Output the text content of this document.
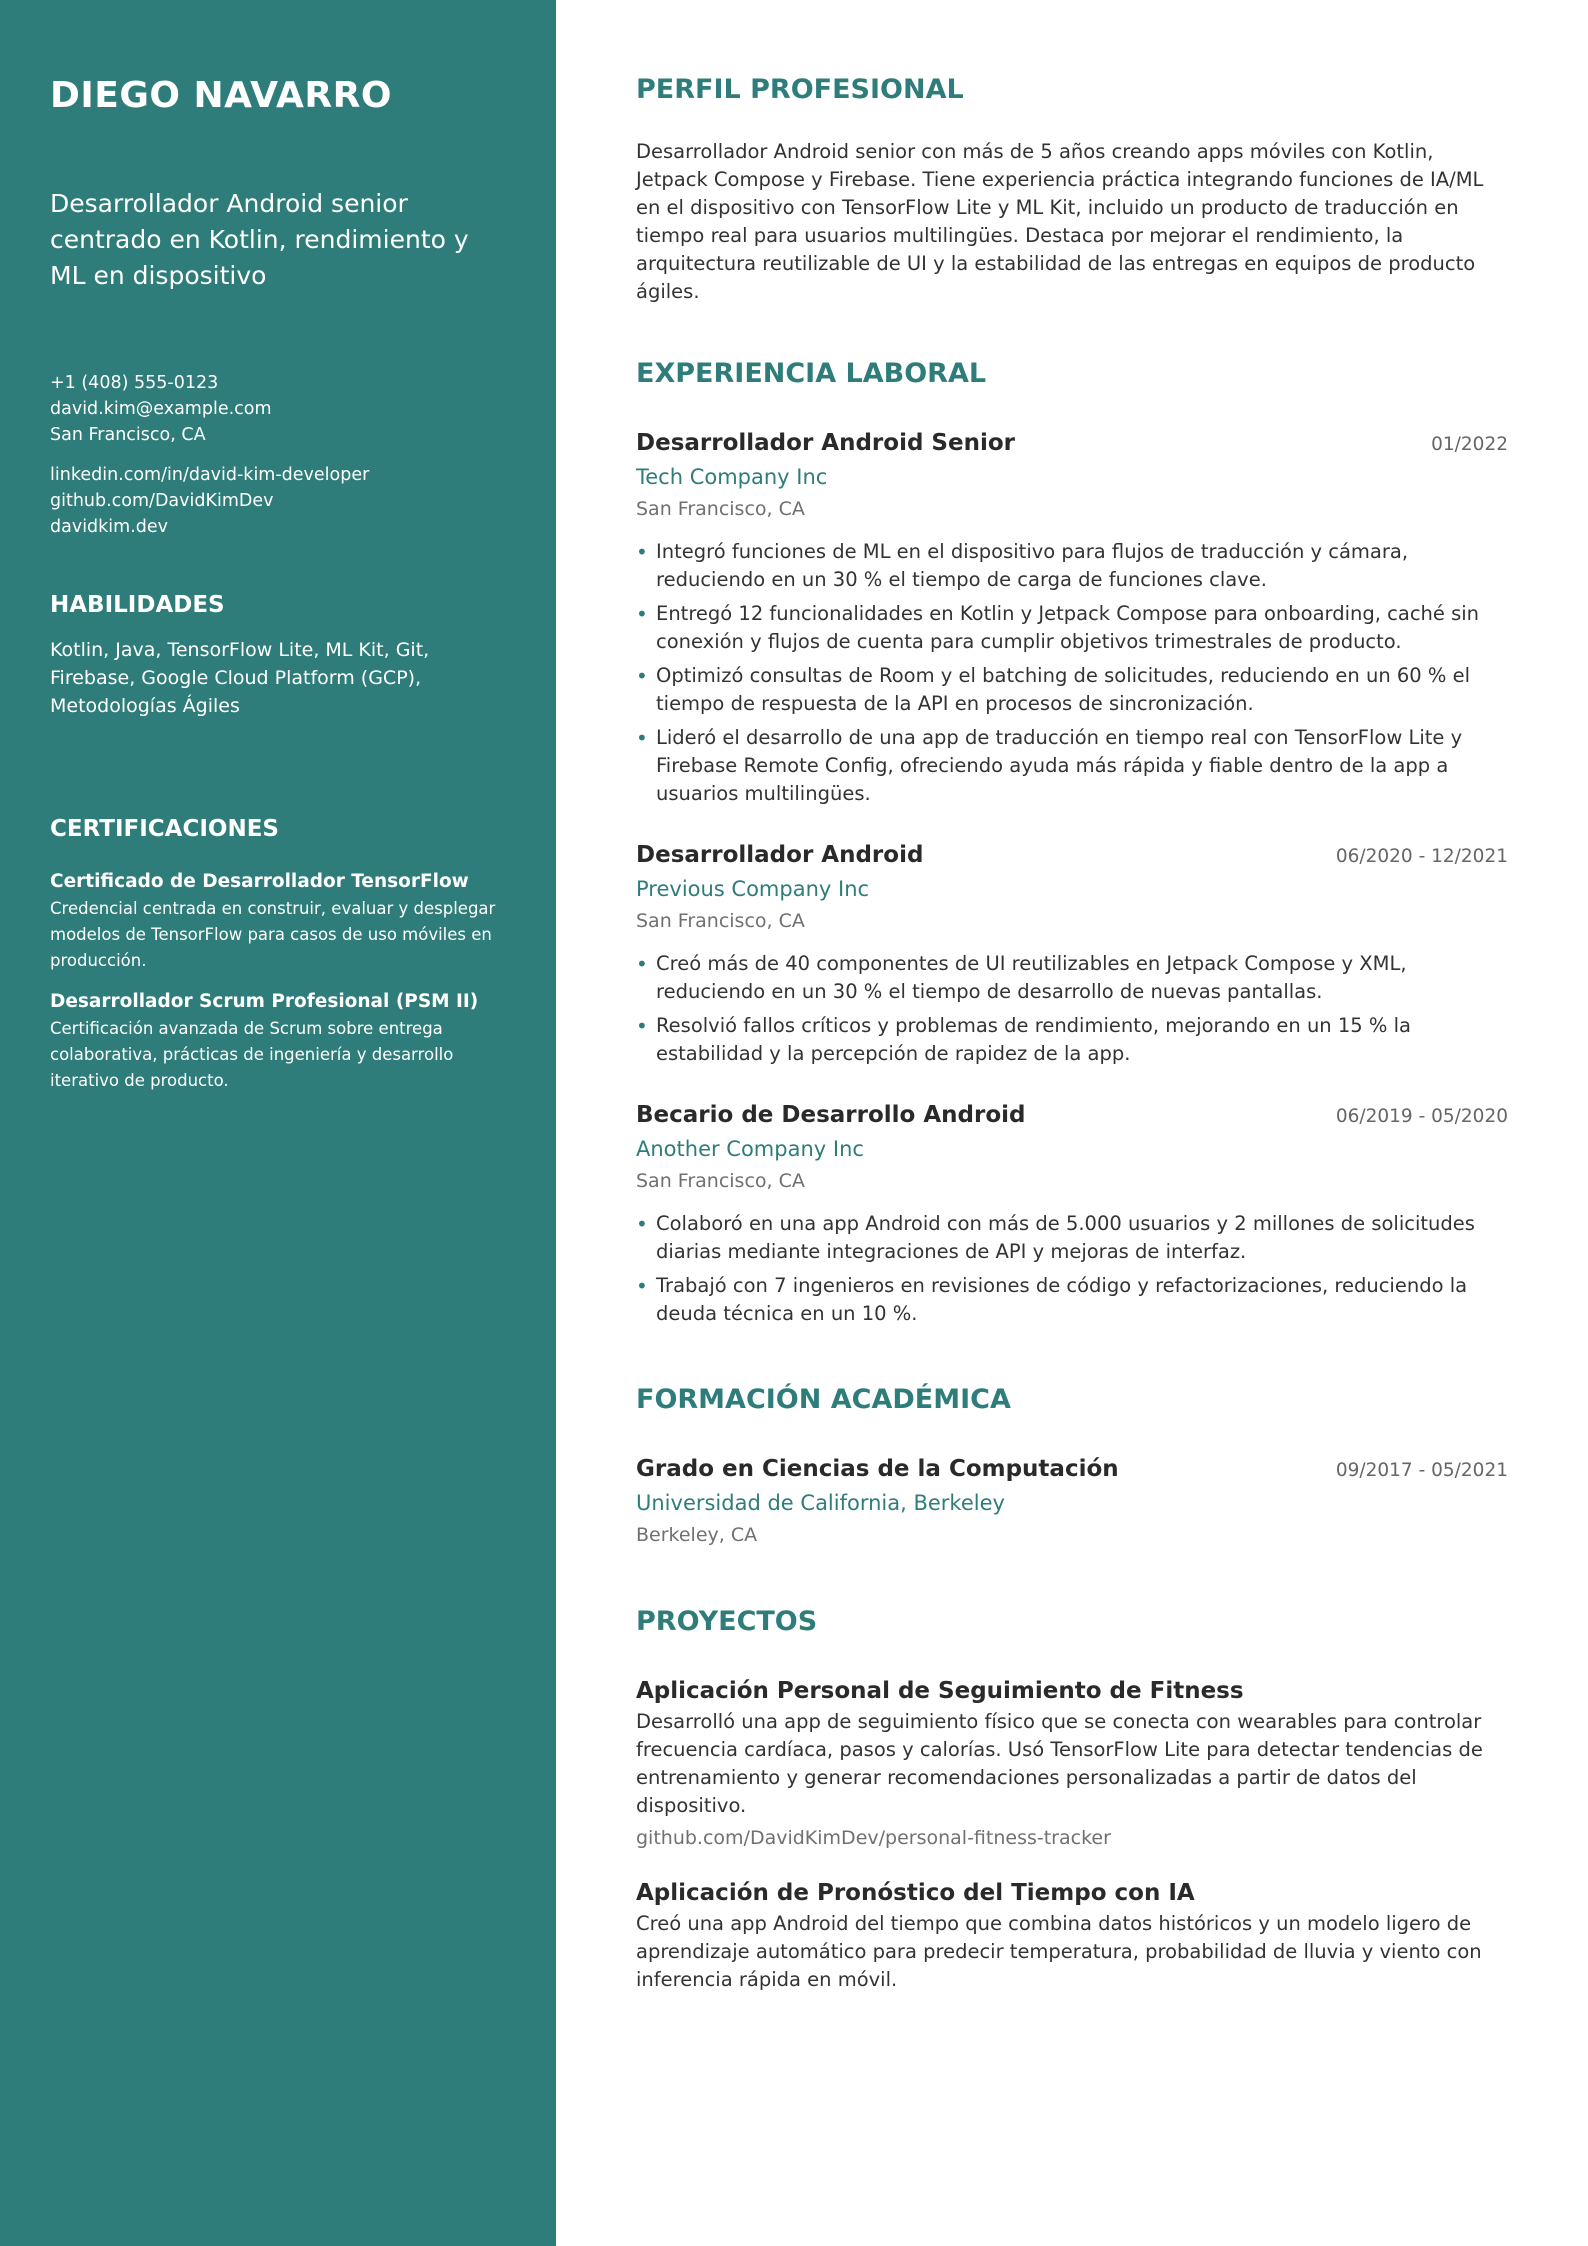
DIEGO NAVARRO

Desarrollador Android senior centrado en Kotlin, rendimiento y ML en dispositivo

+1 (408) 555-0123
david.kim@example.com
San Francisco, CA
linkedin.com/in/david-kim-developer
github.com/DavidKimDev
davidkim.dev
HABILIDADES

Kotlin, Java, TensorFlow Lite, ML Kit, Git, Firebase, Google Cloud Platform (GCP), Metodologías Ágiles

CERTIFICACIONES
Certificado de Desarrollador TensorFlow
Credencial centrada en construir, evaluar y desplegar modelos de TensorFlow para casos de uso móviles en producción.
Desarrollador Scrum Profesional (PSM II)
Certificación avanzada de Scrum sobre entrega colaborativa, prácticas de ingeniería y desarrollo iterativo de producto.
PERFIL PROFESIONAL

Desarrollador Android senior con más de 5 años creando apps móviles con Kotlin, Jetpack Compose y Firebase. Tiene experiencia práctica integrando funciones de IA/ML en el dispositivo con TensorFlow Lite y ML Kit, incluido un producto de traducción en tiempo real para usuarios multilingües. Destaca por mejorar el rendimiento, la arquitectura reutilizable de UI y la estabilidad de las entregas en equipos de producto ágiles.

EXPERIENCIA LABORAL
Desarrollador Android Senior	01/2022
Tech Company Inc
San Francisco, CA
• Integró funciones de ML en el dispositivo para flujos de traducción y cámara, reduciendo en un 30 % el tiempo de carga de funciones clave.
• Entregó 12 funcionalidades en Kotlin y Jetpack Compose para onboarding, caché sin conexión y flujos de cuenta para cumplir objetivos trimestrales de producto.
• Optimizó consultas de Room y el batching de solicitudes, reduciendo en un 60 % el tiempo de respuesta de la API en procesos de sincronización.
• Lideró el desarrollo de una app de traducción en tiempo real con TensorFlow Lite y Firebase Remote Config, ofreciendo ayuda más rápida y fiable dentro de la app a usuarios multilingües.
Desarrollador Android	06/2020 - 12/2021
Previous Company Inc
San Francisco, CA
• Creó más de 40 componentes de UI reutilizables en Jetpack Compose y XML, reduciendo en un 30 % el tiempo de desarrollo de nuevas pantallas.
• Resolvió fallos críticos y problemas de rendimiento, mejorando en un 15 % la estabilidad y la percepción de rapidez de la app.
Becario de Desarrollo Android	06/2019 - 05/2020
Another Company Inc
San Francisco, CA
• Colaboró en una app Android con más de 5.000 usuarios y 2 millones de solicitudes diarias mediante integraciones de API y mejoras de interfaz.
• Trabajó con 7 ingenieros en revisiones de código y refactorizaciones, reduciendo la deuda técnica en un 10 %.
FORMACIÓN ACADÉMICA
Grado en Ciencias de la Computación	09/2017 - 05/2021
Universidad de California, Berkeley
Berkeley, CA
PROYECTOS
Aplicación Personal de Seguimiento de Fitness
Desarrolló una app de seguimiento físico que se conecta con wearables para controlar frecuencia cardíaca, pasos y calorías. Usó TensorFlow Lite para detectar tendencias de entrenamiento y generar recomendaciones personalizadas a partir de datos del dispositivo.
github.com/DavidKimDev/personal-fitness-tracker
Aplicación de Pronóstico del Tiempo con IA
Creó una app Android del tiempo que combina datos históricos y un modelo ligero de aprendizaje automático para predecir temperatura, probabilidad de lluvia y viento con inferencia rápida en móvil.
